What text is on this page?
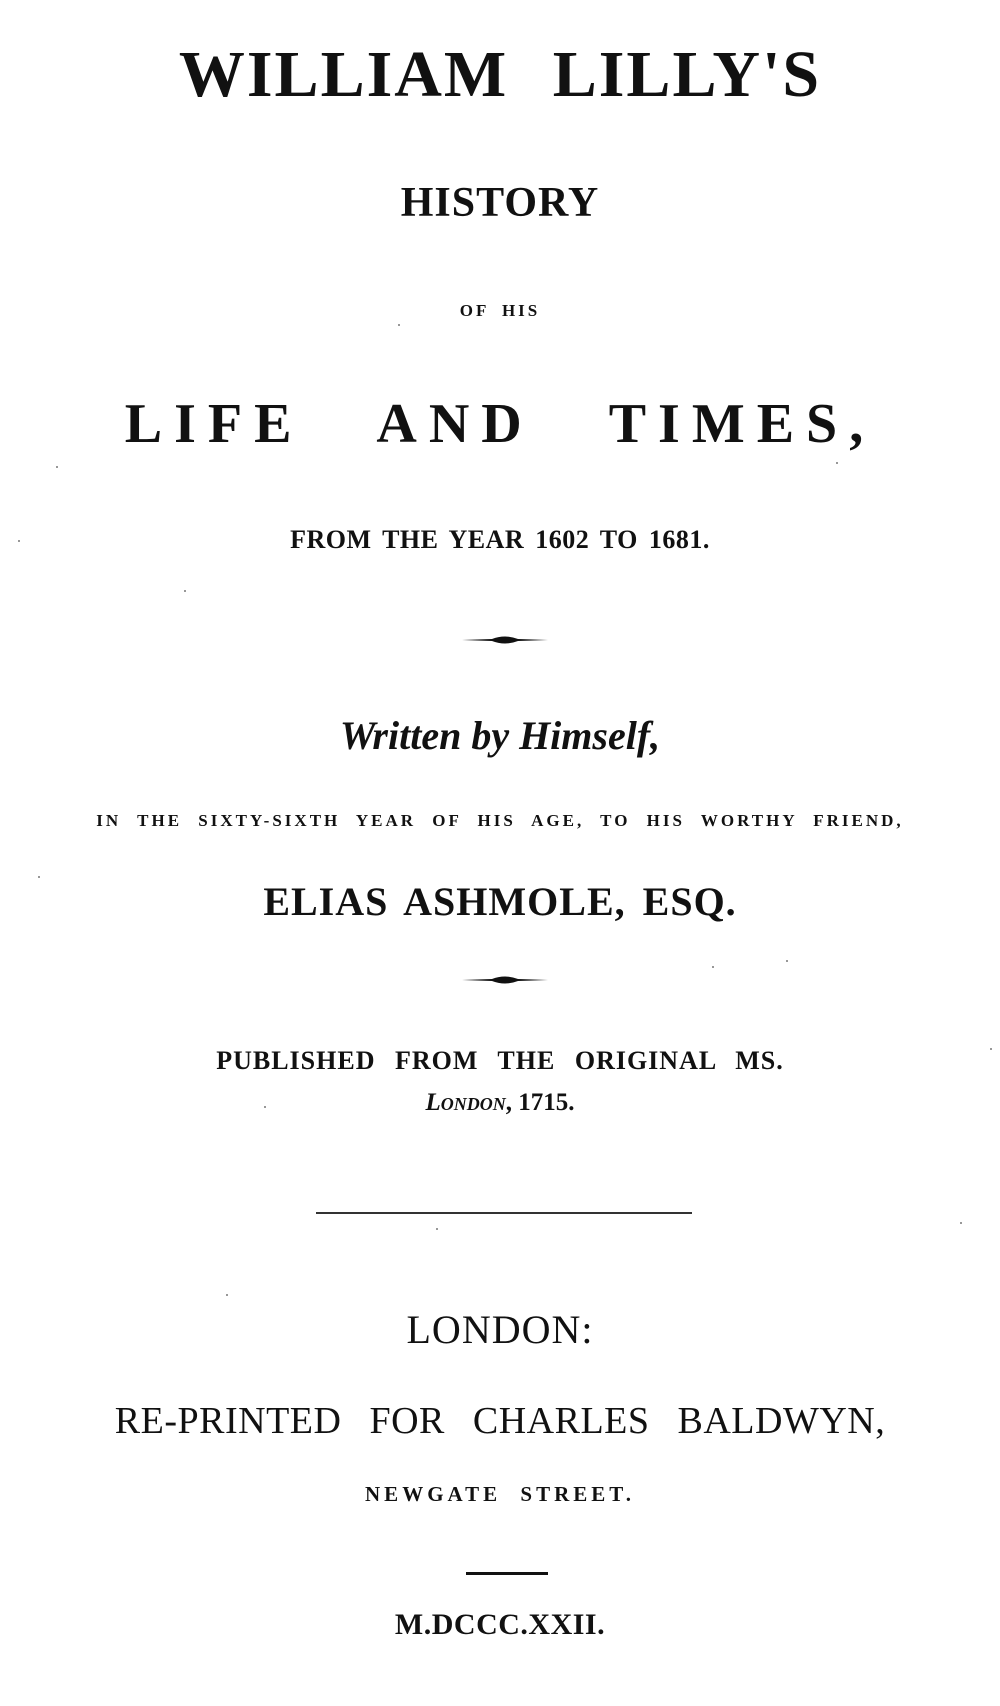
WILLIAM LILLY'S
HISTORY
OF HIS
LIFE AND TIMES,
FROM THE YEAR 1602 TO 1681.
Written by Himself,
IN THE SIXTY-SIXTH YEAR OF HIS AGE, TO HIS WORTHY FRIEND,
ELIAS ASHMOLE, ESQ.
PUBLISHED FROM THE ORIGINAL MS.
London, 1715.
LONDON:
RE-PRINTED FOR CHARLES BALDWYN,
NEWGATE STREET.
M.DCCC.XXII.
